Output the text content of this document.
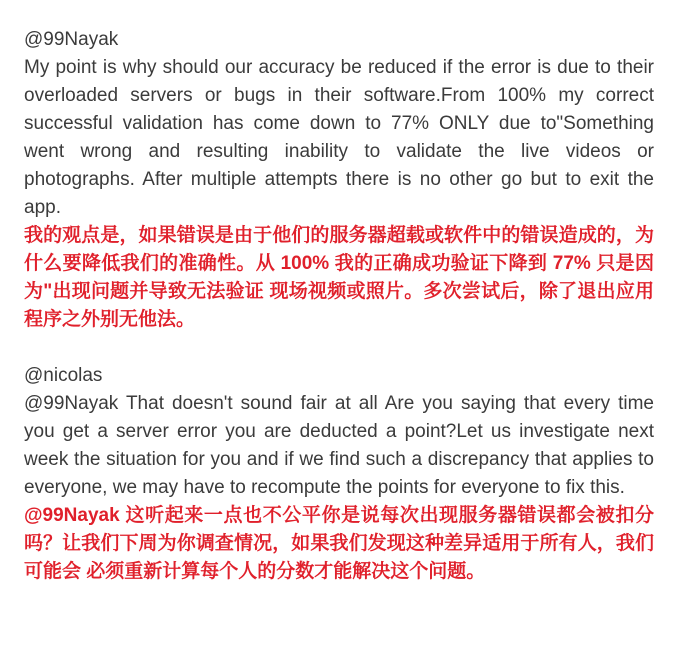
@99Nayak
My point is why should our accuracy be reduced if the error is due to their overloaded servers or bugs in their software.From 100% my correct successful validation has come down to 77% ONLY due to"Something went wrong and resulting inability to validate the live videos or photographs. After multiple attempts there is no other go but to exit the app.
我的观点是，如果错误是由于他们的服务器超载或软件中的错误造成的，为什么要降低我们的准确性。从 100% 我的正确成功验证下降到 77% 只是因为"出现问题并导致无法验证 现场视频或照片。多次尝试后，除了退出应用程序之外别无他法。
@nicolas
@99Nayak That doesn't sound fair at all Are you saying that every time you get a server error you are deducted a point?Let us investigate next week the situation for you and if we find such a discrepancy that applies to everyone, we may have to recompute the points for everyone to fix this.
@99Nayak 这听起来一点也不公平你是说每次出现服务器错误都会被扣分吗？让我们下周为你调查情况，如果我们发现这种差异适用于所有人，我们可能会 必须重新计算每个人的分数才能解决这个问题。
